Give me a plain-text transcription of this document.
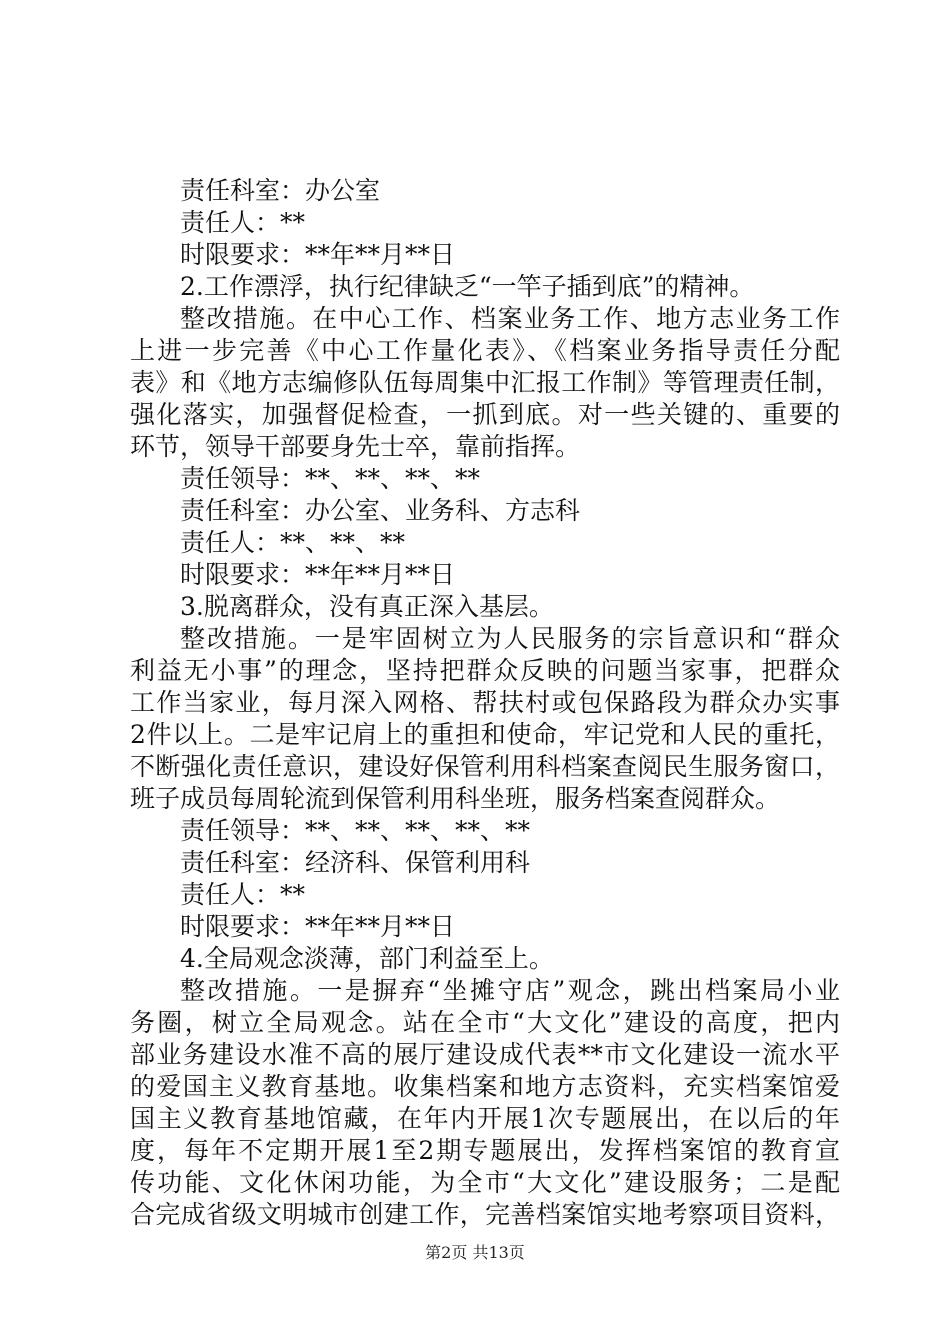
责任科室：办公室
责任人：**
时限要求：**年**月**日
2.工作漂浮，执行纪律缺乏“一竿子插到底”的精神。
整改措施。在中心工作、档案业务工作、地方志业务工作
上进一步完善《中心工作量化表》、《档案业务指导责任分配
表》和《地方志编修队伍每周集中汇报工作制》等管理责任制，
强化落实，加强督促检查，一抓到底。对一些关键的、重要的
环节，领导干部要身先士卒，靠前指挥。
责任领导：**、**、**、**
责任科室：办公室、业务科、方志科
责任人：**、**、**
时限要求：**年**月**日
3.脱离群众，没有真正深入基层。
整改措施。一是牢固树立为人民服务的宗旨意识和“群众
利益无小事”的理念，坚持把群众反映的问题当家事，把群众
工作当家业，每月深入网格、帮扶村或包保路段为群众办实事
2件以上。二是牢记肩上的重担和使命，牢记党和人民的重托，
不断强化责任意识，建设好保管利用科档案查阅民生服务窗口，
班子成员每周轮流到保管利用科坐班，服务档案查阅群众。
责任领导：**、**、**、**、**
责任科室：经济科、保管利用科
责任人：**
时限要求：**年**月**日
4.全局观念淡薄，部门利益至上。
整改措施。一是摒弃“坐摊守店”观念，跳出档案局小业
务圈，树立全局观念。站在全市“大文化”建设的高度，把内
部业务建设水准不高的展厅建设成代表**市文化建设一流水平
的爱国主义教育基地。收集档案和地方志资料，充实档案馆爱
国主义教育基地馆藏，在年内开展1次专题展出，在以后的年
度，每年不定期开展1至2期专题展出，发挥档案馆的教育宣
传功能、文化休闲功能，为全市“大文化”建设服务；二是配
合完成省级文明城市创建工作，完善档案馆实地考察项目资料，
第2页 共13页
